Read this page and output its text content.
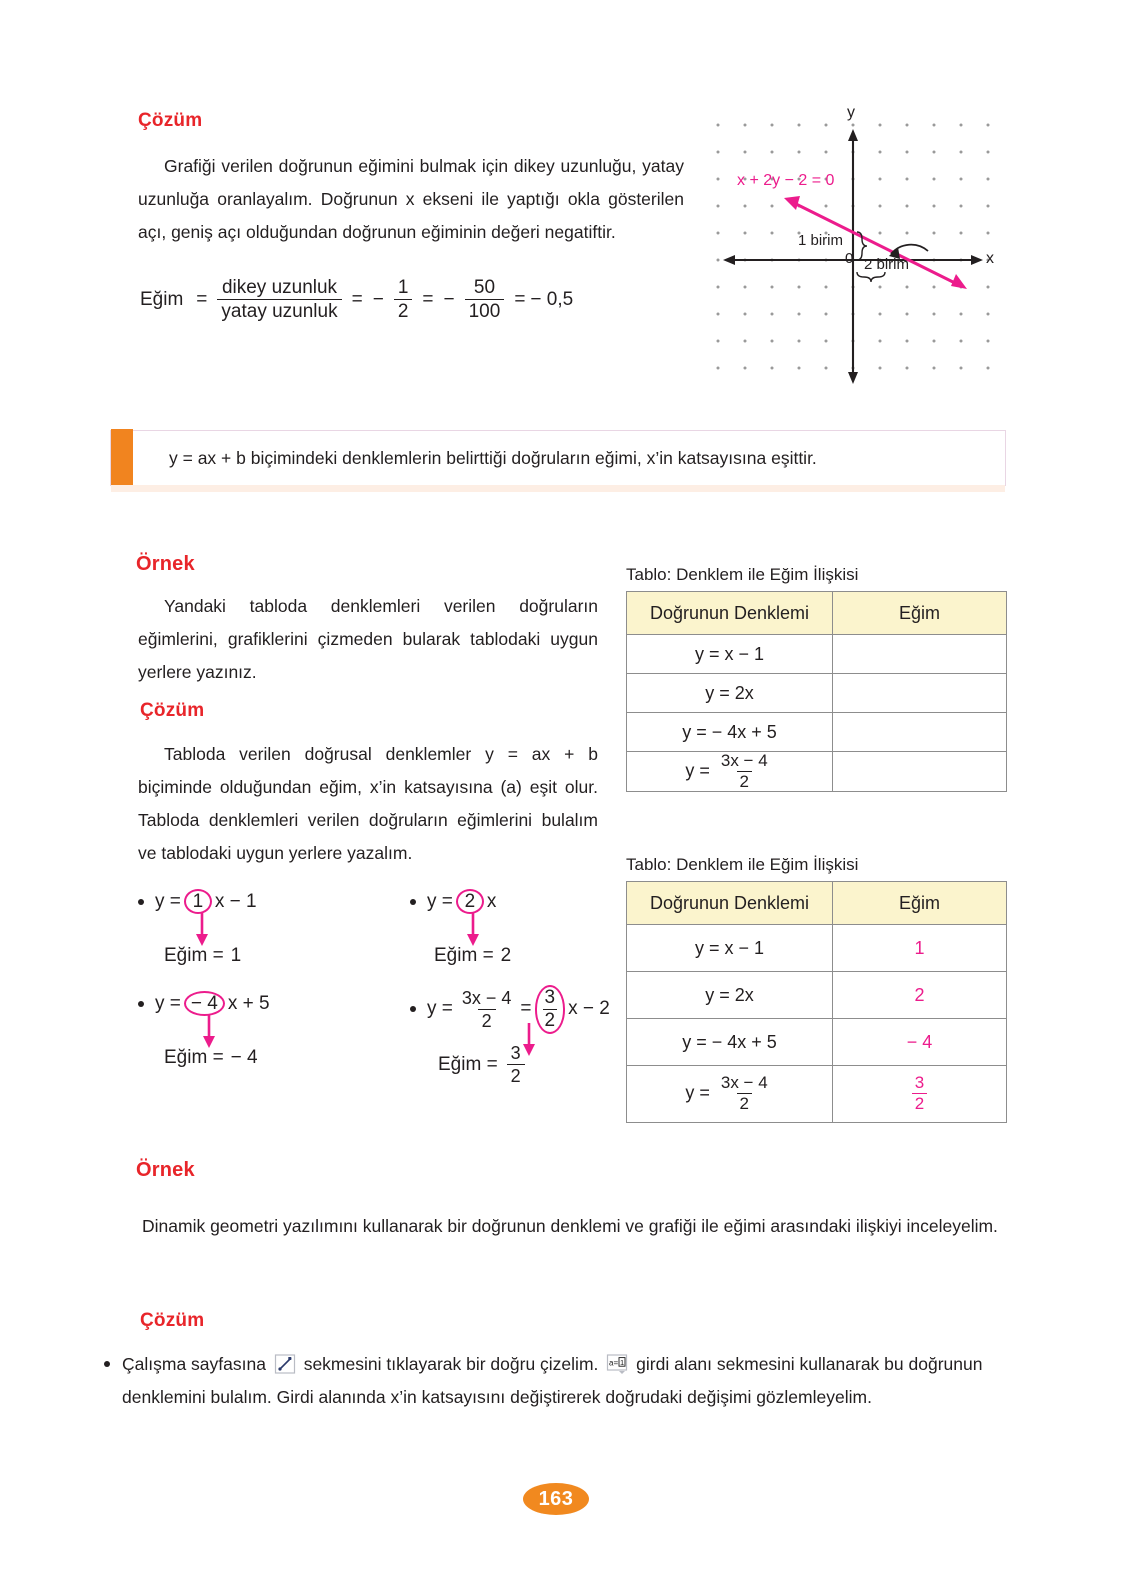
Çözüm
Grafiği verilen doğrunun eğimini bulmak için dikey uzunluğu, yatay uzunluğa oranlayalım. Doğrunun x ekseni ile yaptığı okla gösterilen açı, geniş açı olduğundan doğrunun eğiminin değeri negatiftir.
Eğim = $\frac{\text{dikey uzunluk}}{\text{yatay uzunluk}}$ = − $\frac{1}{2}$ = − $\frac{50}{100}$ = − 0,5
y
x
0
x + 2y − 2 = 0
1 birim
2 birim
y = ax + b biçimindeki denklemlerin belirttiği doğruların eğimi, x’in katsayısına eşittir.
Örnek
Yandaki tabloda denklemleri verilen doğruların eğimlerini, grafiklerini çizmeden bularak tablodaki uygun yerlere yazınız.
Çözüm
Tabloda verilen doğrusal denklemler y = ax + b biçiminde olduğundan eğim, x’in katsayısına (a) eşit olur. Tabloda denklemleri verilen doğruların eğimlerini bulalım ve tablodaki uygun yerlere yazalım.
Tablo: Denklem ile Eğim İlişkisi
Doğrunun Denklemi	Eğim
y = x − 1	
y = 2x	
y = − 4x + 5	
$y = \frac{3x - 4}{2}$

Tablo: Denklem ile Eğim İlişkisi
Doğrunun Denklemi	Eğim
y = x − 1	1
y = 2x	2
y = − 4x + 5	− 4
$y = \frac{3x - 4}{2}$	$\frac{3}{2}$
y = 1 x − 1
Eğim = 1
y = 2 x
Eğim = 2
y = − 4 x + 5
Eğim = − 4
$y = \frac{3x - 4}{2} = \frac{3}{2}$ x − 2
Eğim = $\frac{3}{2}$
Örnek
Dinamik geometri yazılımını kullanarak bir doğrunun denklemi ve grafiği ile eğimi arasındaki ilişkiyi inceleyelim.
Çözüm
Çalışma sayfasına sekmesini tıklayarak bir doğru çizelim. a= 1 girdi alanı sekmesini kullanarak bu doğrunun denklemini bulalım. Girdi alanında x’in katsayısını değiştirerek doğrudaki değişimi gözlemleyelim.
163
